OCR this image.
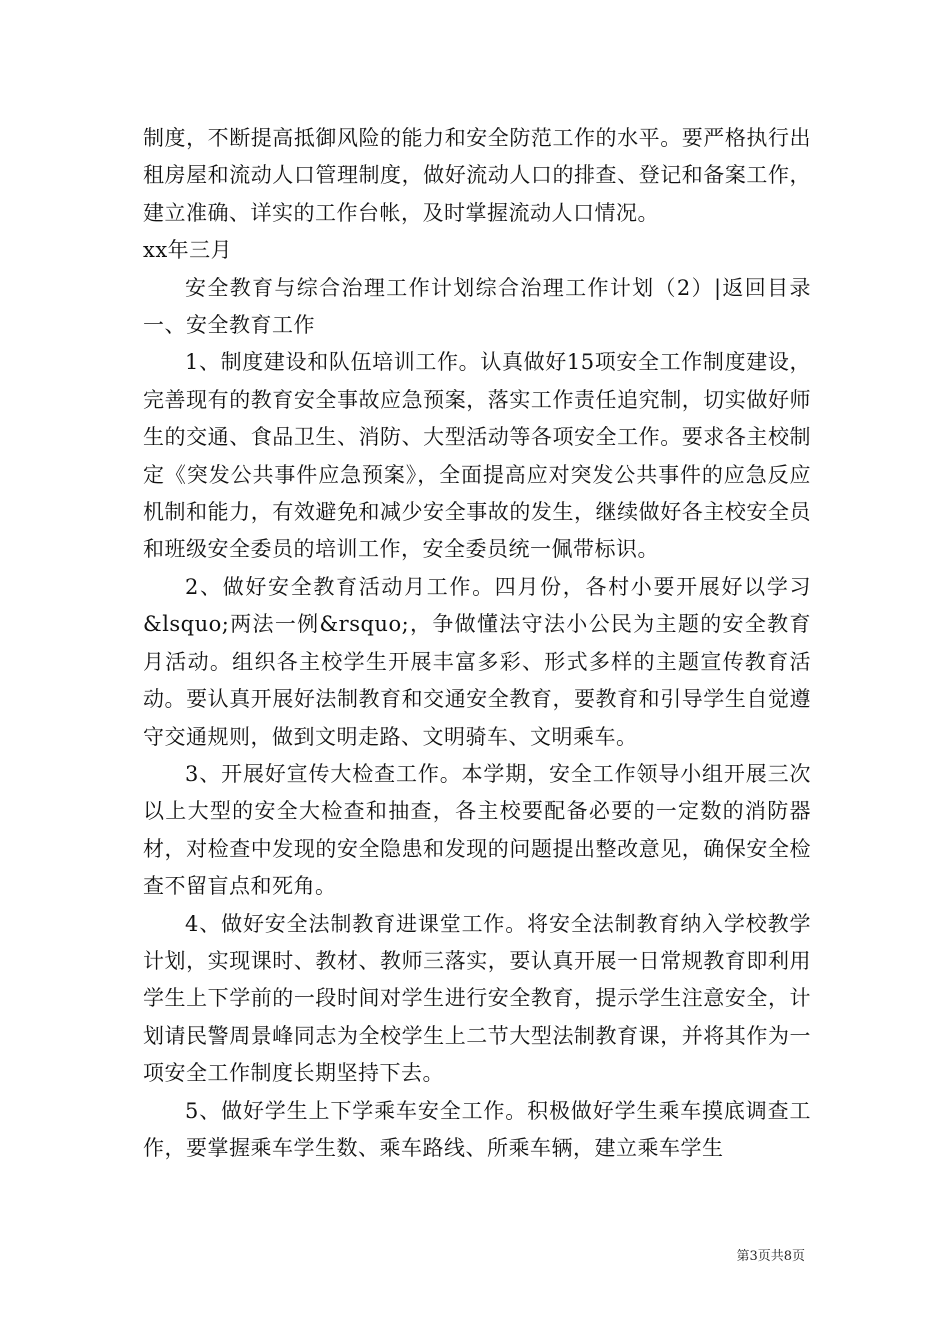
制度，不断提高抵御风险的能力和安全防范工作的水平。要严格执行出租房屋和流动人口管理制度，做好流动人口的排查、登记和备案工作，建立准确、详实的工作台帐，及时掌握流动人口情况。

xx年三月

安全教育与综合治理工作计划综合治理工作计划（2）|返回目录一、安全教育工作

1、制度建设和队伍培训工作。认真做好15项安全工作制度建设，完善现有的教育安全事故应急预案，落实工作责任追究制，切实做好师生的交通、食品卫生、消防、大型活动等各项安全工作。要求各主校制定《突发公共事件应急预案》，全面提高应对突发公共事件的应急反应机制和能力，有效避免和减少安全事故的发生，继续做好各主校安全员和班级安全委员的培训工作，安全委员统一佩带标识。

2、做好安全教育活动月工作。四月份，各村小要开展好以学习&lsquo;两法一例&rsquo;，争做懂法守法小公民为主题的安全教育月活动。组织各主校学生开展丰富多彩、形式多样的主题宣传教育活动。要认真开展好法制教育和交通安全教育，要教育和引导学生自觉遵守交通规则，做到文明走路、文明骑车、文明乘车。

3、开展好宣传大检查工作。本学期，安全工作领导小组开展三次以上大型的安全大检查和抽查，各主校要配备必要的一定数的消防器材，对检查中发现的安全隐患和发现的问题提出整改意见，确保安全检查不留盲点和死角。

4、做好安全法制教育进课堂工作。将安全法制教育纳入学校教学计划，实现课时、教材、教师三落实，要认真开展一日常规教育即利用学生上下学前的一段时间对学生进行安全教育，提示学生注意安全，计划请民警周景峰同志为全校学生上二节大型法制教育课，并将其作为一项安全工作制度长期坚持下去。

5、做好学生上下学乘车安全工作。积极做好学生乘车摸底调查工作，要掌握乘车学生数、乘车路线、所乘车辆，建立乘车学生

第3页共8页
